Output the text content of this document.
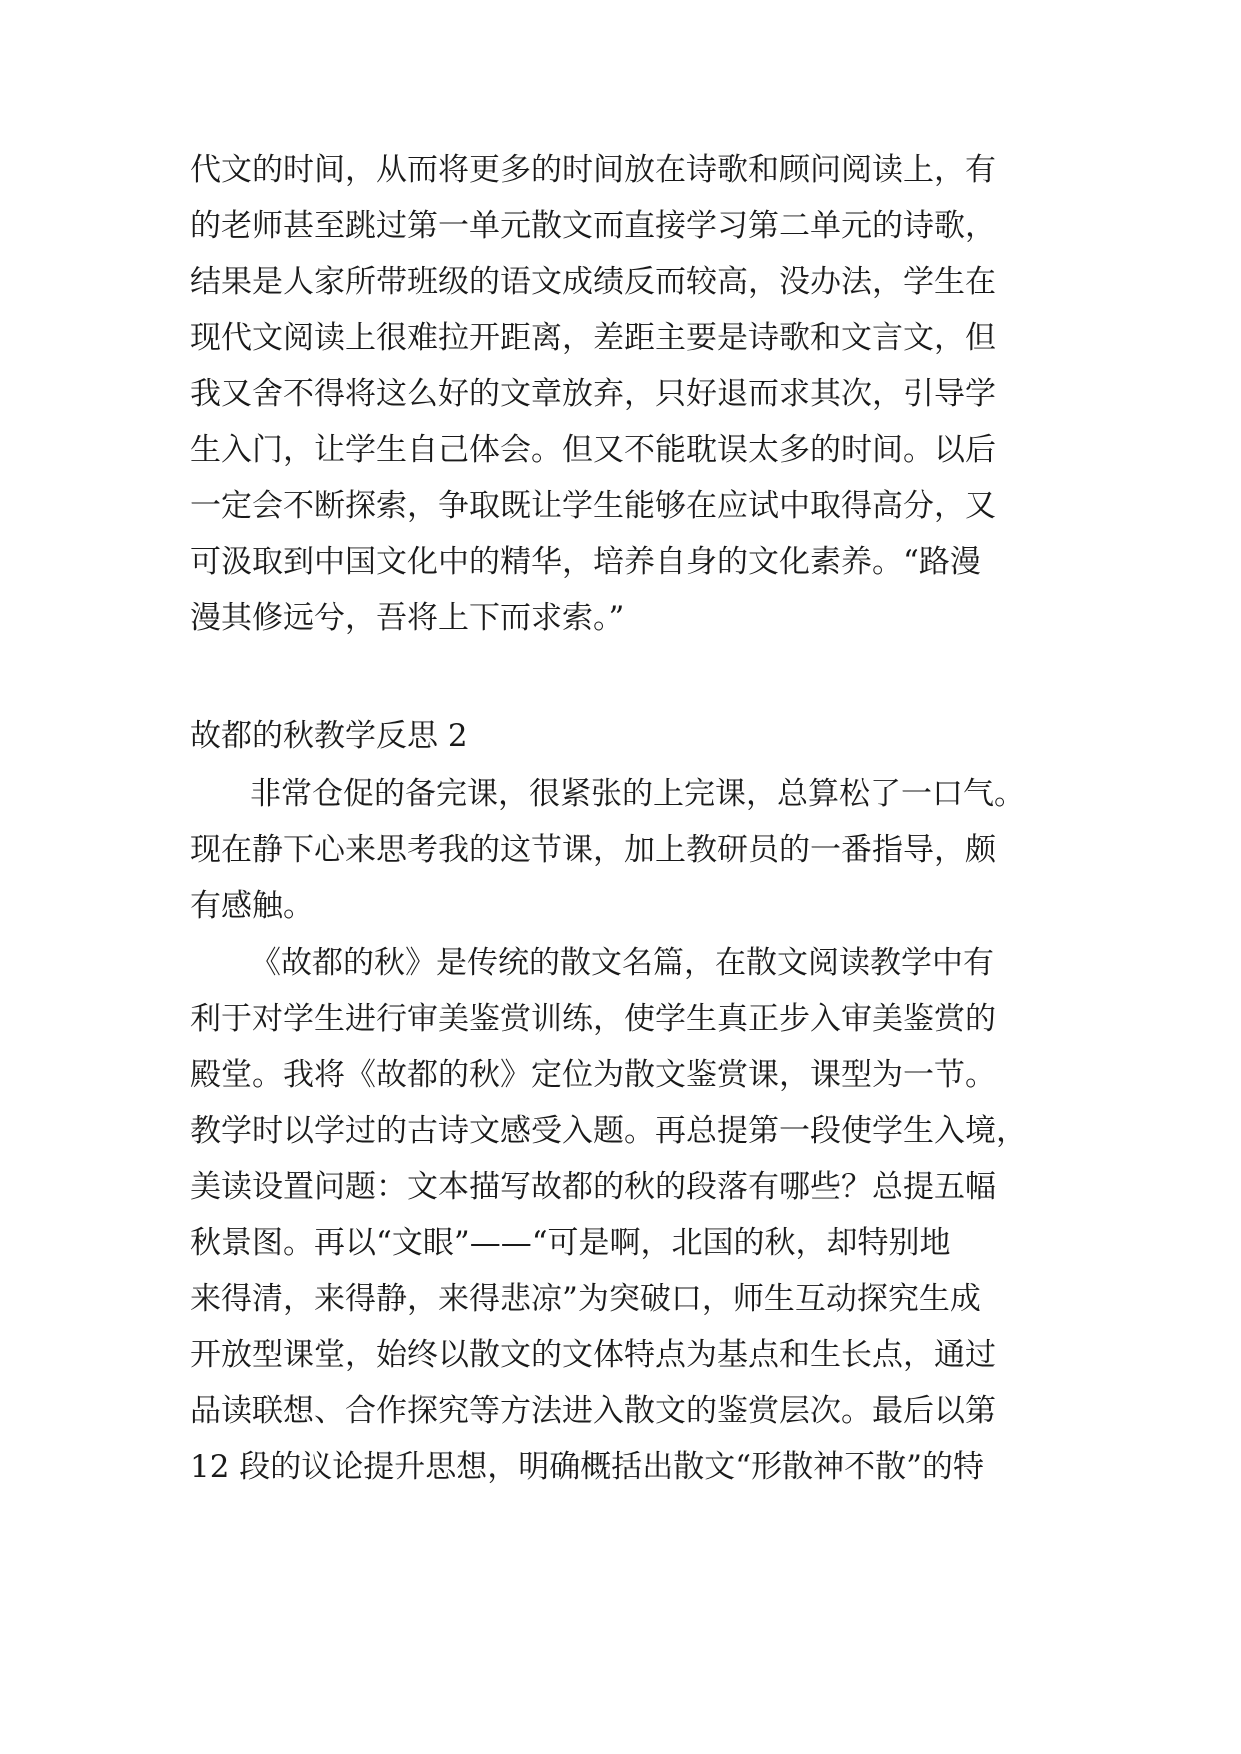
代文的时间，从而将更多的时间放在诗歌和顾问阅读上，有
的老师甚至跳过第一单元散文而直接学习第二单元的诗歌，
结果是人家所带班级的语文成绩反而较高，没办法，学生在
现代文阅读上很难拉开距离，差距主要是诗歌和文言文，但
我又舍不得将这么好的文章放弃，只好退而求其次，引导学
生入门，让学生自己体会。但又不能耽误太多的时间。以后
一定会不断探索，争取既让学生能够在应试中取得高分，又
可汲取到中国文化中的精华，培养自身的文化素养。“路漫
漫其修远兮，吾将上下而求索。”
故都的秋教学反思 2
非常仓促的备完课，很紧张的上完课，总算松了一口气。
现在静下心来思考我的这节课，加上教研员的一番指导，颇
有感触。
《故都的秋》是传统的散文名篇，在散文阅读教学中有
利于对学生进行审美鉴赏训练，使学生真正步入审美鉴赏的
殿堂。我将《故都的秋》定位为散文鉴赏课，课型为一节。
教学时以学过的古诗文感受入题。再总提第一段使学生入境，
美读设置问题：文本描写故都的秋的段落有哪些？总提五幅
秋景图。再以“文眼”——“可是啊，北国的秋，却特别地
来得清，来得静，来得悲凉”为突破口，师生互动探究生成
开放型课堂，始终以散文的文体特点为基点和生长点，通过
品读联想、合作探究等方法进入散文的鉴赏层次。最后以第
12 段的议论提升思想，明确概括出散文“形散神不散”的特
